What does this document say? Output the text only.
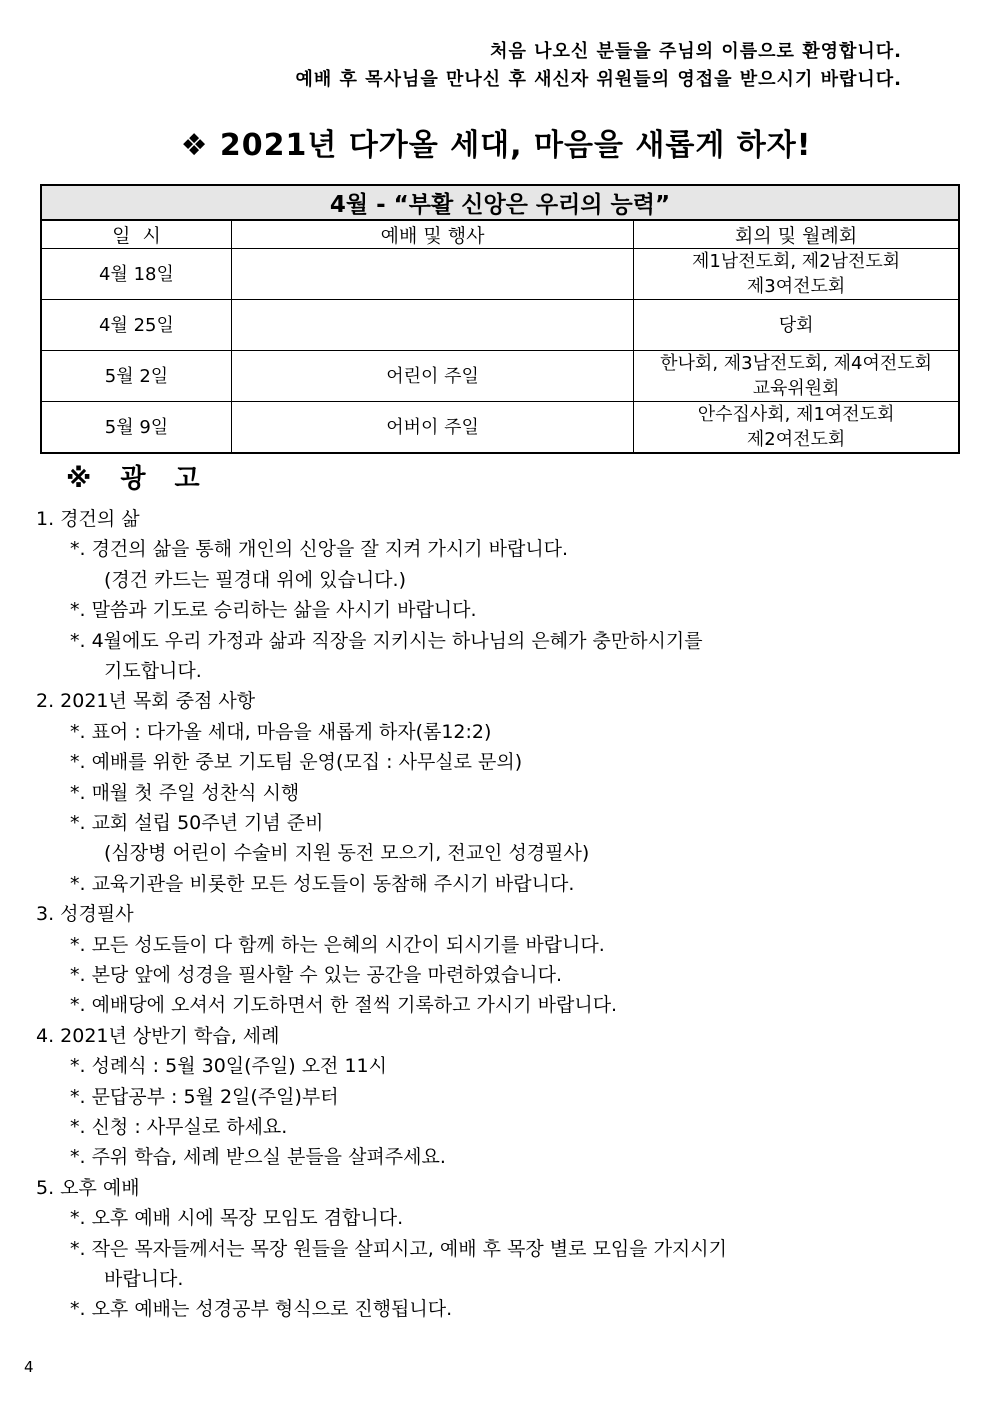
처음 나오신 분들을 주님의 이름으로 환영합니다.
예배 후 목사님을 만나신 후 새신자 위원들의 영접을 받으시기 바랍니다.
❖ 2021년 다가올 세대, 마음을 새롭게 하자!
4월 - “부활 신앙은 우리의 능력”		
일  시	예배 및 행사	회의 및 월례회
4월 18일		제1남전도회, 제2남전도회
제3여전도회

4월 25일		당회

5월 2일	어린이 주일	한나회, 제3남전도회, 제4여전도회
교육위원회

5월 9일	어버이 주일	안수집사회, 제1여전도회
제2여전도회
※ 광 고
1. 경건의 삶
*. 경건의 삶을 통해 개인의 신앙을 잘 지켜 가시기 바랍니다.
(경건 카드는 필경대 위에 있습니다.)
*. 말씀과 기도로 승리하는 삶을 사시기 바랍니다.
*. 4월에도 우리 가정과 삶과 직장을 지키시는 하나님의 은혜가 충만하시기를
기도합니다.
2. 2021년 목회 중점 사항
*. 표어 : 다가올 세대, 마음을 새롭게 하자(롬12:2)
*. 예배를 위한 중보 기도팀 운영(모집 : 사무실로 문의)
*. 매월 첫 주일 성찬식 시행
*. 교회 설립 50주년 기념 준비
(심장병 어린이 수술비 지원 동전 모으기, 전교인 성경필사)
*. 교육기관을 비롯한 모든 성도들이 동참해 주시기 바랍니다.
3. 성경필사
*. 모든 성도들이 다 함께 하는 은혜의 시간이 되시기를 바랍니다.
*. 본당 앞에 성경을 필사할 수 있는 공간을 마련하였습니다.
*. 예배당에 오셔서 기도하면서 한 절씩 기록하고 가시기 바랍니다.
4. 2021년 상반기 학습, 세례
*. 성례식 : 5월 30일(주일) 오전 11시
*. 문답공부 : 5월 2일(주일)부터
*. 신청 : 사무실로 하세요.
*. 주위 학습, 세례 받으실 분들을 살펴주세요.
5. 오후 예배
*. 오후 예배 시에 목장 모임도 겸합니다.
*. 작은 목자들께서는 목장 원들을 살피시고, 예배 후 목장 별로 모임을 가지시기
바랍니다.
*. 오후 예배는 성경공부 형식으로 진행됩니다.
4
